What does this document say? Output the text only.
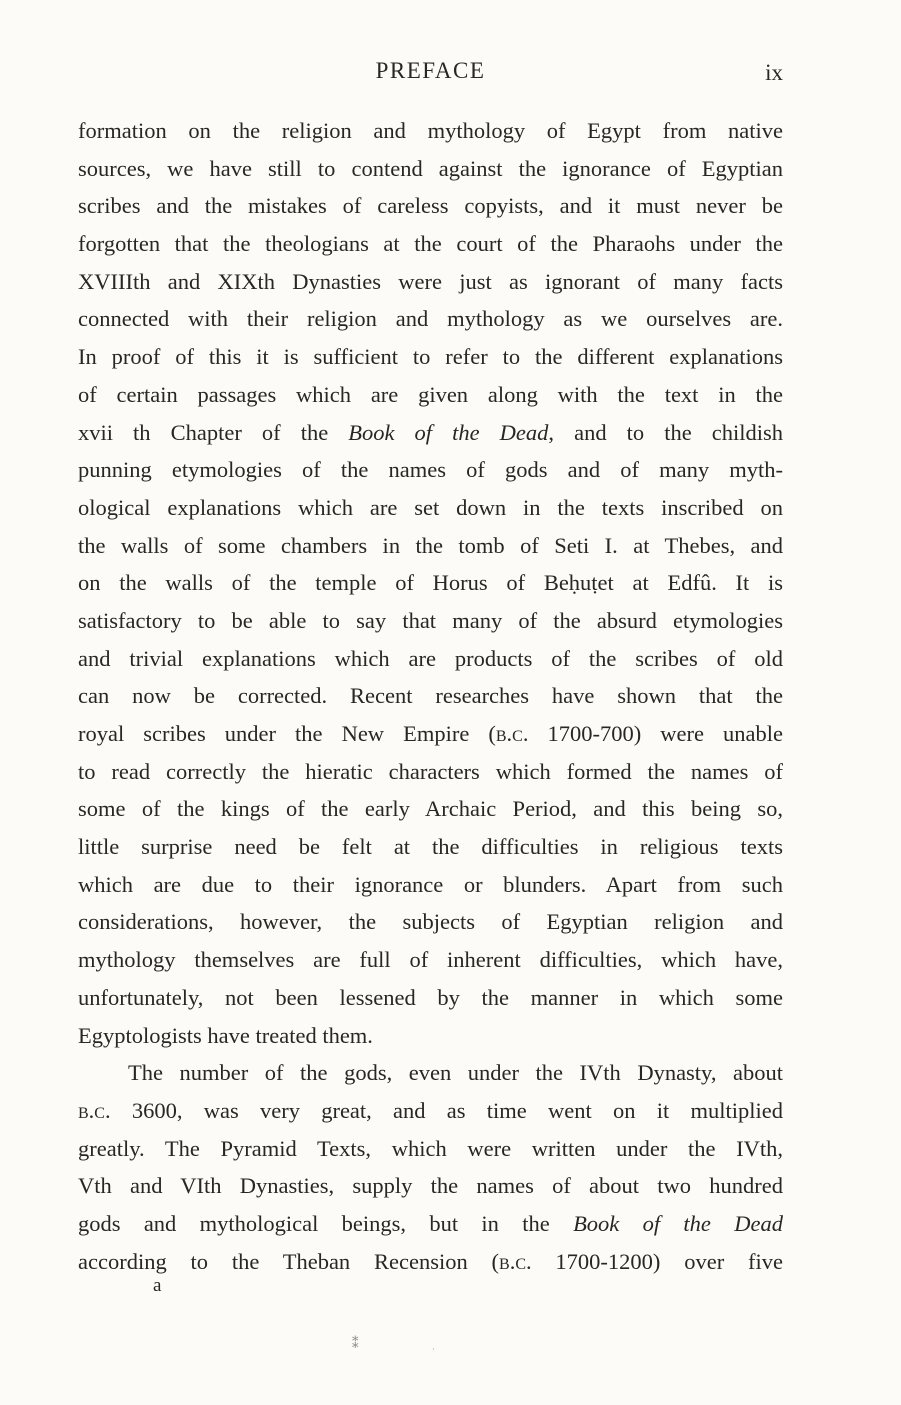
PREFACE	ix
formation on the religion and mythology of Egypt from native
sources, we have still to contend against the ignorance of Egyptian
scribes and the mistakes of careless copyists, and it must never be
forgotten that the theologians at the court of the Pharaohs under the
XVIIIth and XIXth Dynasties were just as ignorant of many facts
connected with their religion and mythology as we ourselves are.
In proof of this it is sufficient to refer to the different explanations
of certain passages which are given along with the text in the
xvii th Chapter of the Book of the Dead, and to the childish
punning etymologies of the names of gods and of many myth-
ological explanations which are set down in the texts inscribed on
the walls of some chambers in the tomb of Seti I. at Thebes, and
on the walls of the temple of Horus of Beḥuṭet at Edfû. It is
satisfactory to be able to say that many of the absurd etymologies
and trivial explanations which are products of the scribes of old
can now be corrected. Recent researches have shown that the
royal scribes under the New Empire (b.c. 1700-700) were unable
to read correctly the hieratic characters which formed the names of
some of the kings of the early Archaic Period, and this being so,
little surprise need be felt at the difficulties in religious texts
which are due to their ignorance or blunders. Apart from such
considerations, however, the subjects of Egyptian religion and
mythology themselves are full of inherent difficulties, which have,
unfortunately, not been lessened by the manner in which some
Egyptologists have treated them.
The number of the gods, even under the IVth Dynasty, about
b.c. 3600, was very great, and as time went on it multiplied
greatly. The Pyramid Texts, which were written under the IVth,
Vth and VIth Dynasties, supply the names of about two hundred
gods and mythological beings, but in the Book of the Dead
according to the Theban Recension (b.c. 1700-1200) over five
a
⁑	·
